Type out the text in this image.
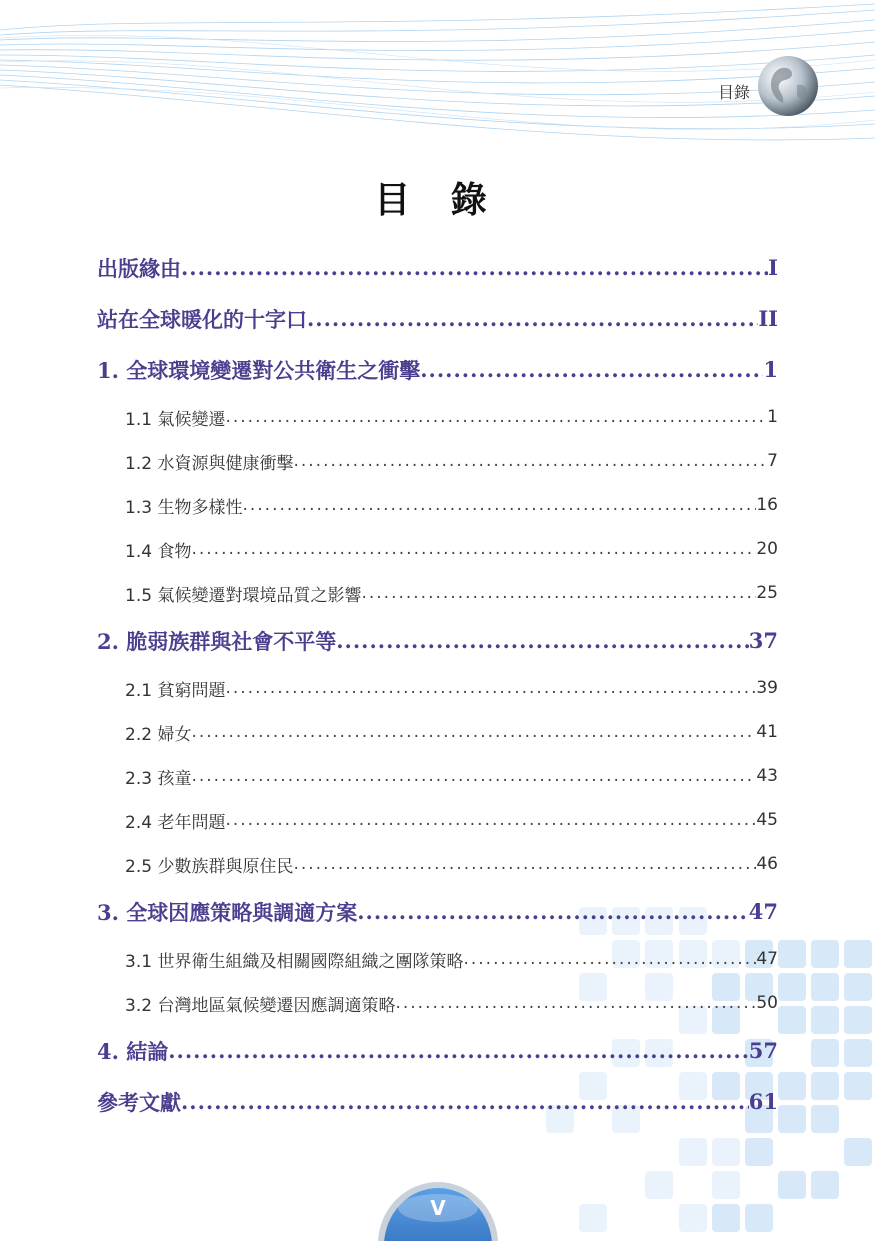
目錄
目 錄
出版緣由 .....	I
站在全球暖化的十字口 .....	II
1. 全球環境變遷對公共衛生之衝擊 .....	1
1.1 氣候變遷 .....	1
1.2 水資源與健康衝擊 .....	7
1.3 生物多樣性 .....	16
1.4 食物 .....	20
1.5 氣候變遷對環境品質之影響 .....	25
2. 脆弱族群與社會不平等 .....	37
2.1 貧窮問題 .....	39
2.2 婦女 .....	41
2.3 孩童 .....	43
2.4 老年問題 .....	45
2.5 少數族群與原住民 .....	46
3. 全球因應策略與調適方案 .....	47
3.1 世界衛生組織及相關國際組織之團隊策略 .....	47
3.2 台灣地區氣候變遷因應調適策略 .....	50
4. 結論 .....	57
參考文獻 .....	61
V
